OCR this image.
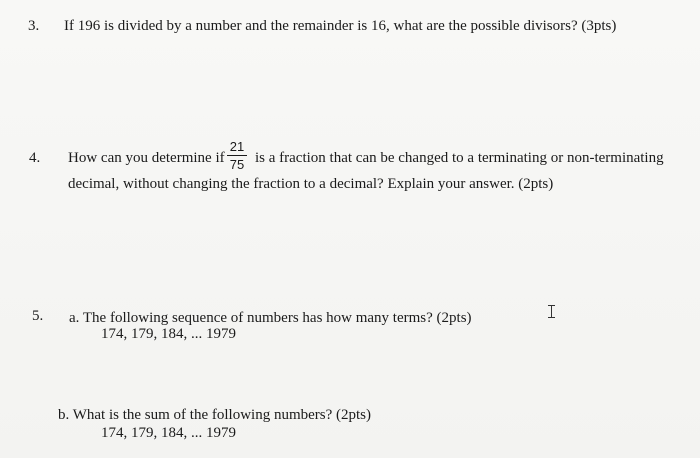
3. If 196 is divided by a number and the remainder is 16, what are the possible divisors? (3pts)
4. How can you determine if
21
75 is a fraction that can be changed to a terminating or non-terminating
decimal, without changing the fraction to a decimal? Explain your answer. (2pts)
5. a. The following sequence of numbers has how many terms? (2pts)
174, 179, 184, ... 1979
b. What is the sum of the following numbers? (2pts)
174, 179, 184, ... 1979
